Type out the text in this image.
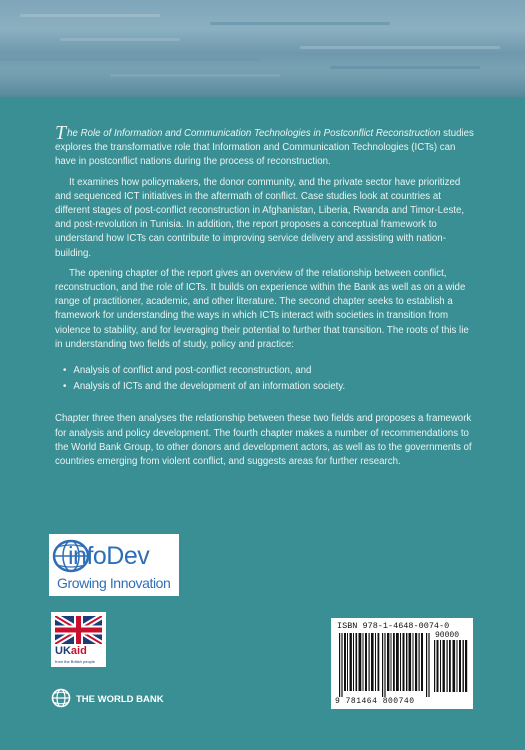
The Role of Information and Communication Technologies in Postconflict Reconstruction studies explores the transformative role that Information and Communication Technologies (ICTs) can have in postconflict nations during the process of reconstruction.

It examines how policymakers, the donor community, and the private sector have prioritized and sequenced ICT initiatives in the aftermath of conflict. Case studies look at countries at different stages of post-conflict reconstruction in Afghanistan, Liberia, Rwanda and Timor-Leste, and post-revolution in Tunisia. In addition, the report proposes a conceptual framework to understand how ICTs can contribute to improving service delivery and assisting with nation-building.

The opening chapter of the report gives an overview of the relationship between conflict, reconstruction, and the role of ICTs. It builds on experience within the Bank as well as on a wide range of practitioner, academic, and other literature. The second chapter seeks to establish a framework for understanding the ways in which ICTs interact with societies in transition from violence to stability, and for leveraging their potential to further that transition. The roots of this lie in understanding two fields of study, policy and practice:

• Analysis of conflict and post-conflict reconstruction, and
• Analysis of ICTs and the development of an information society.

Chapter three then analyses the relationship between these two fields and proposes a framework for analysis and policy development. The fourth chapter makes a number of recommendations to the World Bank Group, to other donors and development actors, as well as to the governments of countries emerging from violent conflict, and suggests areas for further research.

infoDev
Growing Innovation
UKaid
from the British people
THE WORLD BANK
ISBN 978-1-4648-0074-0
90000
9 781464 800740
